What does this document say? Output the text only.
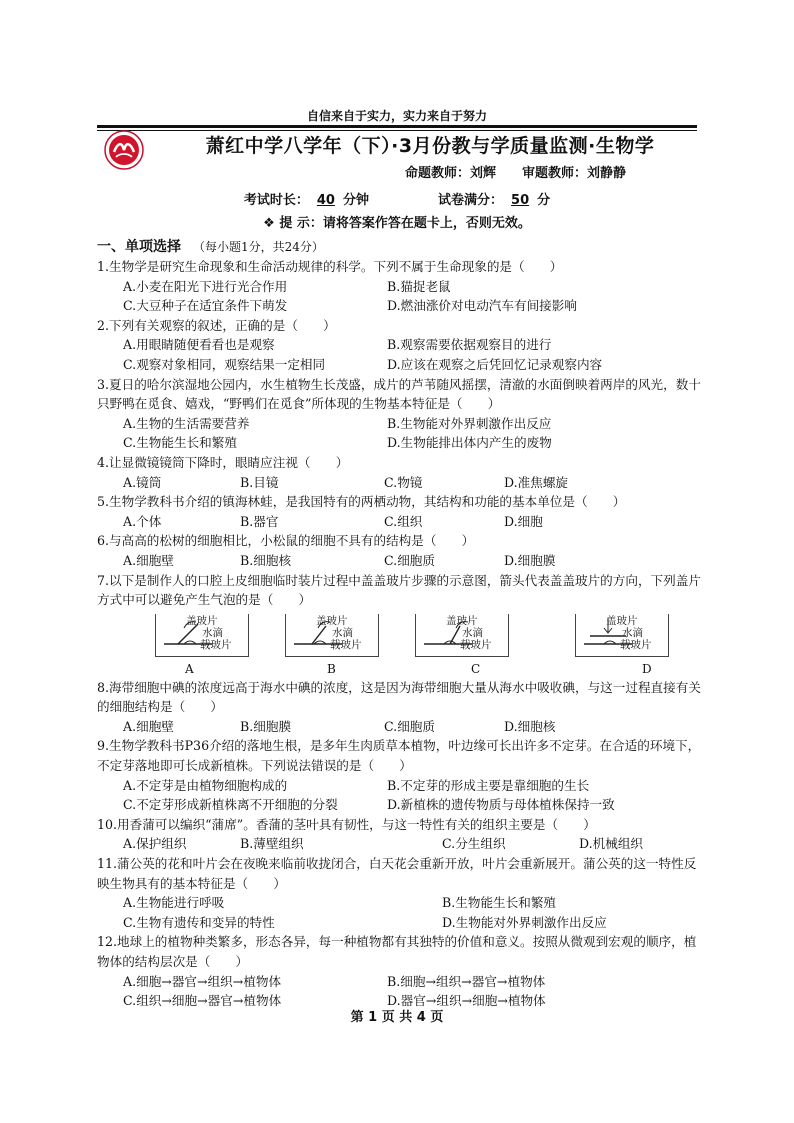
自信来自于实力，实力来自于努力
萧红中学八学年（下）·3月份教与学质量监测·生物学
命题教师：刘辉 审题教师：刘静静
考试时长： 40 分钟	试卷满分： 50 分
❖ 提 示：请将答案作答在题卡上，否则无效。
一、单项选择 （每小题1分，共24分）

1.生物学是研究生命现象和生命活动规律的科学。下列不属于生命现象的是（　　）

A.小麦在阳光下进行光合作用	B.猫捉老鼠
C.大豆种子在适宜条件下萌发	D.燃油涨价对电动汽车有间接影响

2.下列有关观察的叙述，正确的是（　　）

A.用眼睛随便看看也是观察	B.观察需要依据观察目的进行
C.观察对象相同，观察结果一定相同	D.应该在观察之后凭回忆记录观察内容

3.夏日的哈尔滨湿地公园内，水生植物生长茂盛，成片的芦苇随风摇摆，清澈的水面倒映着两岸的风光，数十只野鸭在觅食、嬉戏，“野鸭们在觅食”所体现的生物基本特征是（　　）

A.生物的生活需要营养	B.生物能对外界刺激作出反应
C.生物能生长和繁殖	D.生物能排出体内产生的废物

4.让显微镜镜筒下降时，眼睛应注视（　　）

A.镜筒	B.目镜	C.物镜	D.准焦螺旋

5.生物学教科书介绍的镇海林蛙，是我国特有的两栖动物，其结构和功能的基本单位是（　　）

A.个体	B.器官	C.组织	D.细胞

6.与高高的松树的细胞相比，小松鼠的细胞不具有的结构是（　　）

A.细胞壁	B.细胞核	C.细胞质	D.细胞膜

7.以下是制作人的口腔上皮细胞临时装片过程中盖盖玻片步骤的示意图，箭头代表盖盖玻片的方向，下列盖片方式中可以避免产生气泡的是（　　）

盖玻片
水滴
载玻片
A
盖玻片
水滴
载玻片
B
盖玻片
水滴
载玻片
C
盖玻片
水滴
载玻片
D

8.海带细胞中碘的浓度远高于海水中碘的浓度，这是因为海带细胞大量从海水中吸收碘，与这一过程直接有关的细胞结构是（　　）

A.细胞壁	B.细胞膜	C.细胞质	D.细胞核

9.生物学教科书P36介绍的落地生根，是多年生肉质草本植物，叶边缘可长出许多不定芽。在合适的环境下，不定芽落地即可长成新植株。下列说法错误的是（　　）

A.不定芽是由植物细胞构成的	B.不定芽的形成主要是靠细胞的生长
C.不定芽形成新植株离不开细胞的分裂	D.新植株的遗传物质与母体植株保持一致

10.用香蒲可以编织“蒲席”。香蒲的茎叶具有韧性，与这一特性有关的组织主要是（　　）

A.保护组织	B.薄壁组织	C.分生组织	D.机械组织

11.蒲公英的花和叶片会在夜晚来临前收拢闭合，白天花会重新开放，叶片会重新展开。蒲公英的这一特性反映生物具有的基本特征是（　　）

A.生物能进行呼吸	B.生物能生长和繁殖
C.生物有遗传和变异的特性	D.生物能对外界刺激作出反应

12.地球上的植物种类繁多，形态各异，每一种植物都有其独特的价值和意义。按照从微观到宏观的顺序，植物体的结构层次是（　　）

A.细胞→器官→组织→植物体	B.细胞→组织→器官→植物体
C.组织→细胞→器官→植物体	D.器官→组织→细胞→植物体
第 1 页 共 4 页
